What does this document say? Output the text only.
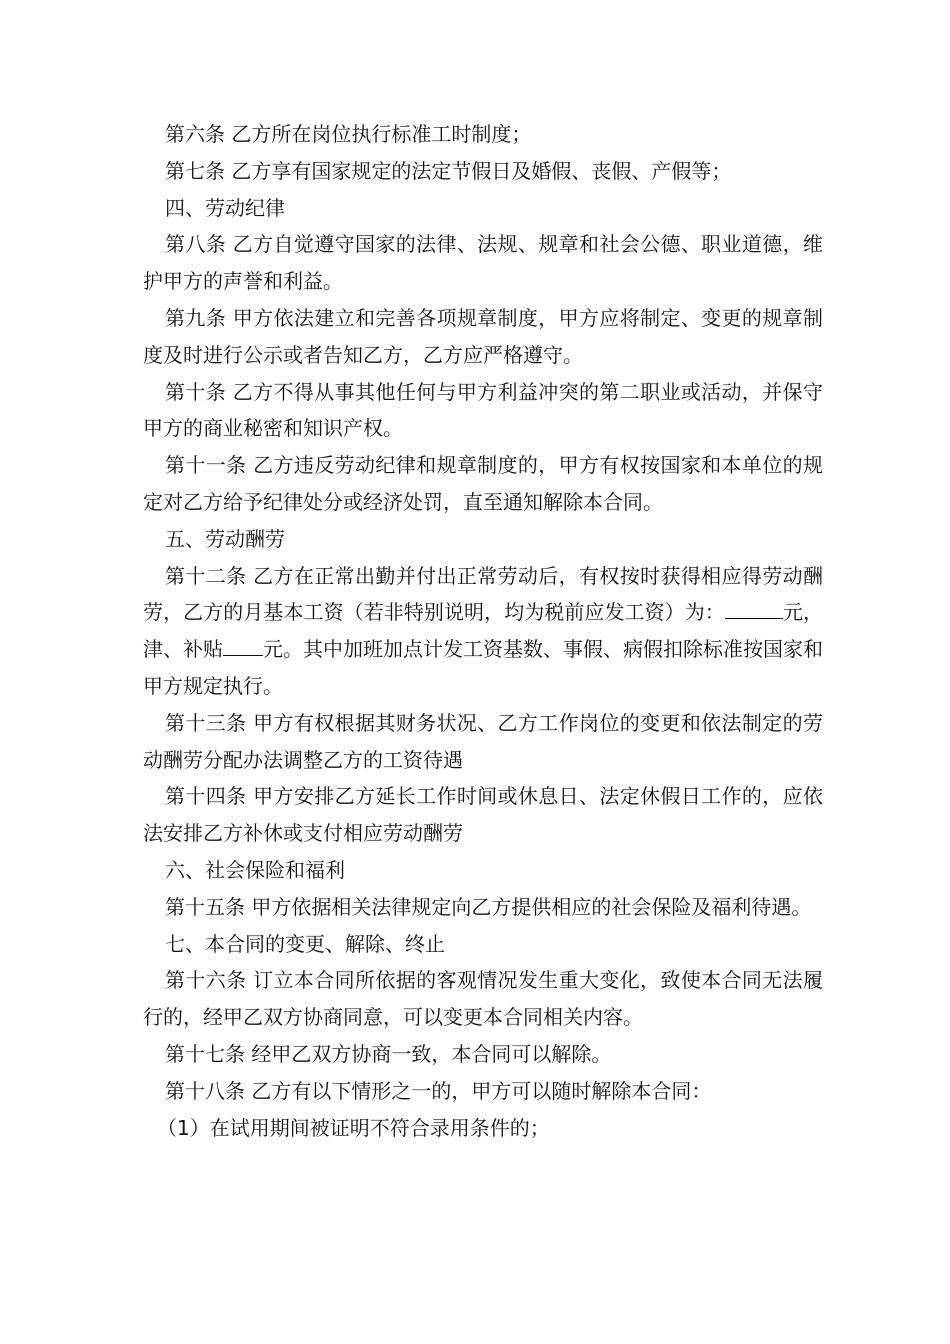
第六条 乙方所在岗位执行标准工时制度；

第七条 乙方享有国家规定的法定节假日及婚假、丧假、产假等；

四、劳动纪律

第八条 乙方自觉遵守国家的法律、法规、规章和社会公德、职业道德，维护甲方的声誉和利益。

第九条 甲方依法建立和完善各项规章制度，甲方应将制定、变更的规章制度及时进行公示或者告知乙方，乙方应严格遵守。

第十条 乙方不得从事其他任何与甲方利益冲突的第二职业或活动，并保守甲方的商业秘密和知识产权。

第十一条 乙方违反劳动纪律和规章制度的，甲方有权按国家和本单位的规定对乙方给予纪律处分或经济处罚，直至通知解除本合同。

五、劳动酬劳

第十二条 乙方在正常出勤并付出正常劳动后，有权按时获得相应得劳动酬劳，乙方的月基本工资（若非特别说明，均为税前应发工资）为：	元，津、补贴 元。其中加班加点计发工资基数、事假、病假扣除标准按国家和甲方规定执行。

第十三条 甲方有权根据其财务状况、乙方工作岗位的变更和依法制定的劳动酬劳分配办法调整乙方的工资待遇

第十四条 甲方安排乙方延长工作时间或休息日、法定休假日工作的，应依法安排乙方补休或支付相应劳动酬劳

六、社会保险和福利

第十五条 甲方依据相关法律规定向乙方提供相应的社会保险及福利待遇。

七、本合同的变更、解除、终止

第十六条 订立本合同所依据的客观情况发生重大变化，致使本合同无法履行的，经甲乙双方协商同意，可以变更本合同相关内容。

第十七条 经甲乙双方协商一致，本合同可以解除。

第十八条 乙方有以下情形之一的，甲方可以随时解除本合同：

（1）在试用期间被证明不符合录用条件的；
